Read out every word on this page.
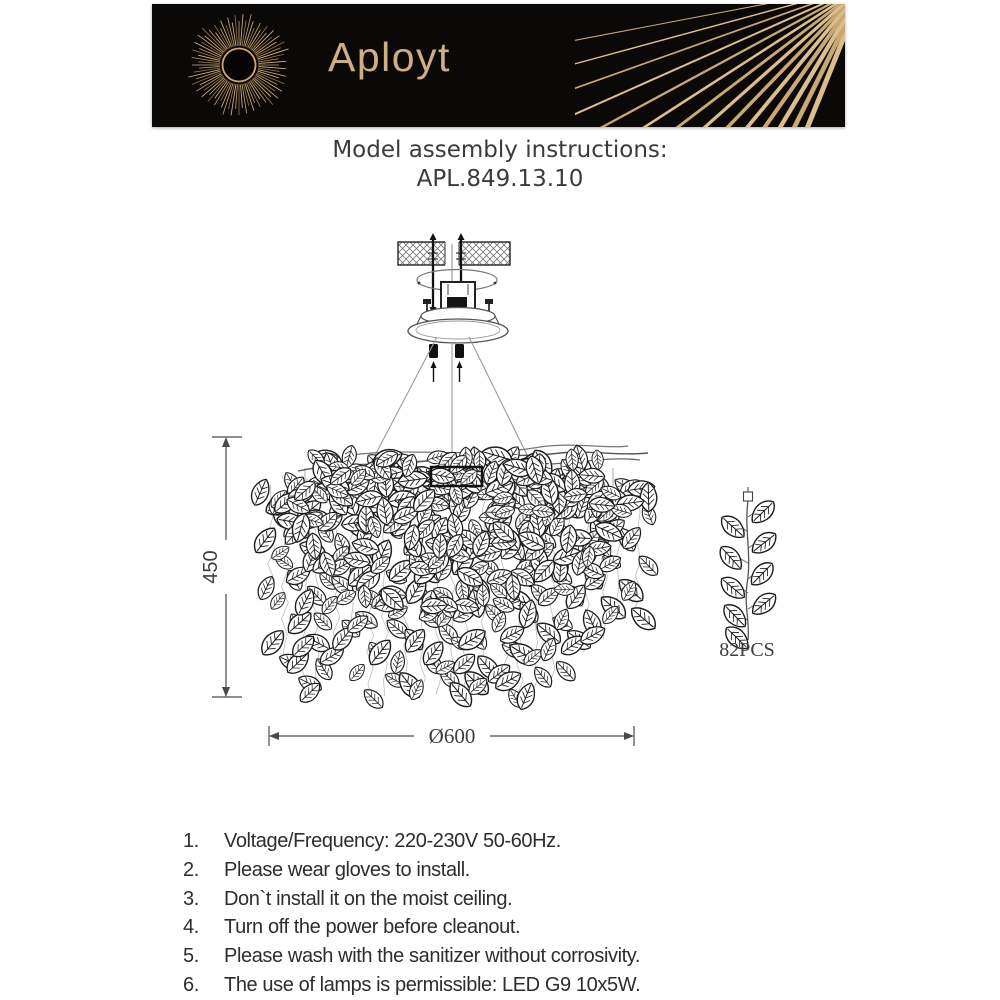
Aployt
Model assembly instructions:
APL.849.13.10
450
Ø600
82PCS
1.	Voltage/Frequency: 220-230V 50-60Hz.
2.	Please wear gloves to install.
3.	Don`t install it on the moist ceiling.
4.	Turn off the power before cleanout.
5.	Please wash with the sanitizer without corrosivity.
6.	The use of lamps is permissible: LED G9 10x5W.
